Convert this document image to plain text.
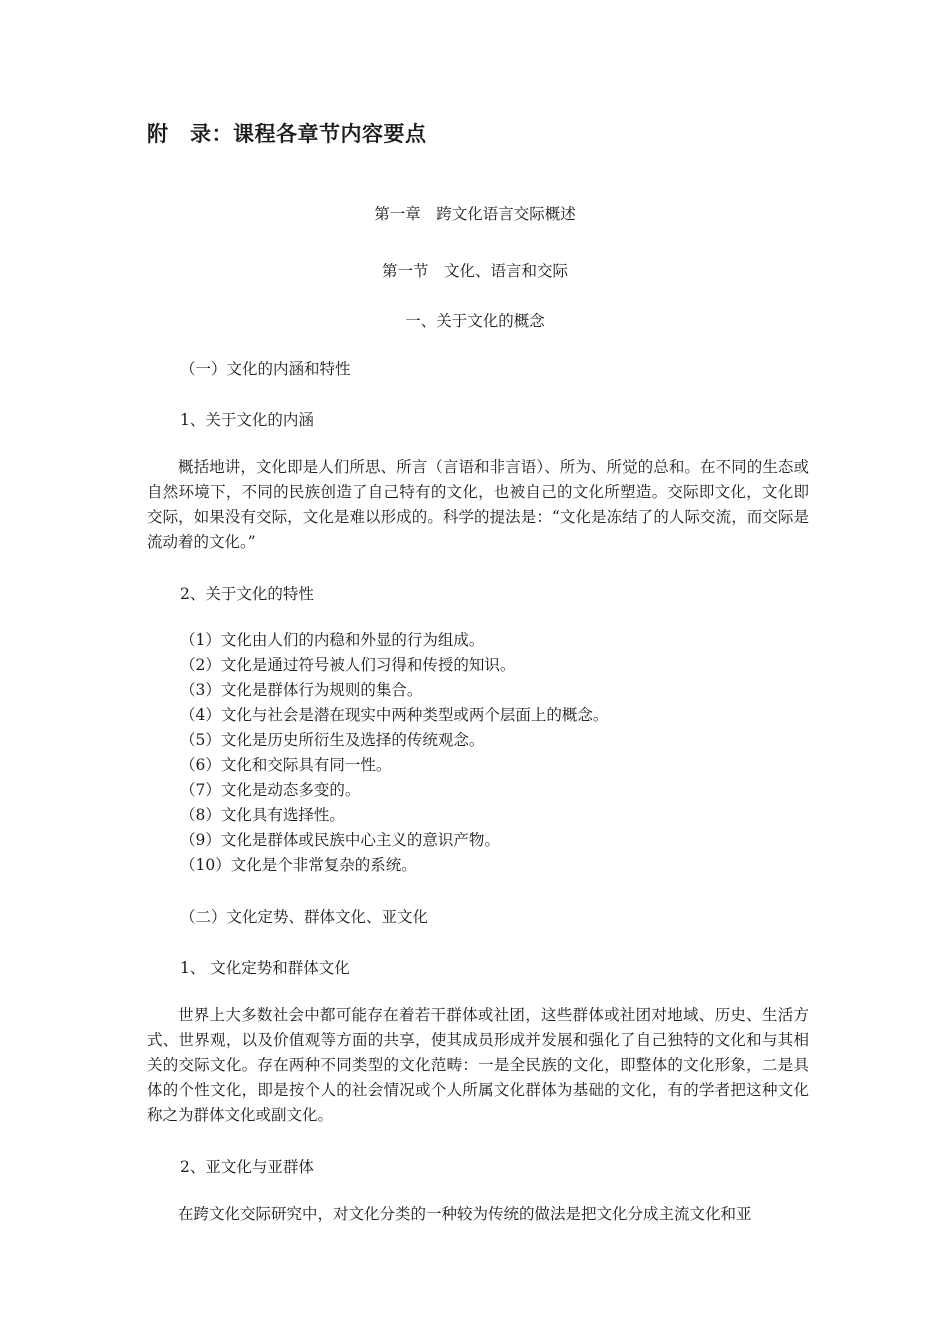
附　录：课程各章节内容要点
第一章　跨文化语言交际概述
第一节　文化、语言和交际
一、关于文化的概念
（一）文化的内涵和特性
1、关于文化的内涵
概括地讲，文化即是人们所思、所言（言语和非言语）、所为、所觉的总和。在不同的生态或自然环境下，不同的民族创造了自己特有的文化，也被自己的文化所塑造。交际即文化，文化即交际，如果没有交际，文化是难以形成的。科学的提法是：“文化是冻结了的人际交流，而交际是流动着的文化。”
2、关于文化的特性
（1）文化由人们的内稳和外显的行为组成。
（2）文化是通过符号被人们习得和传授的知识。
（3）文化是群体行为规则的集合。
（4）文化与社会是潜在现实中两种类型或两个层面上的概念。
（5）文化是历史所衍生及选择的传统观念。
（6）文化和交际具有同一性。
（7）文化是动态多变的。
（8）文化具有选择性。
（9）文化是群体或民族中心主义的意识产物。
（10）文化是个非常复杂的系统。
（二）文化定势、群体文化、亚文化
1、 文化定势和群体文化
世界上大多数社会中都可能存在着若干群体或社团，这些群体或社团对地域、历史、生活方式、世界观，以及价值观等方面的共享，使其成员形成并发展和强化了自己独特的文化和与其相关的交际文化。存在两种不同类型的文化范畴：一是全民族的文化，即整体的文化形象，二是具体的个性文化，即是按个人的社会情况或个人所属文化群体为基础的文化，有的学者把这种文化称之为群体文化或副文化。
2、亚文化与亚群体
在跨文化交际研究中，对文化分类的一种较为传统的做法是把文化分成主流文化和亚
